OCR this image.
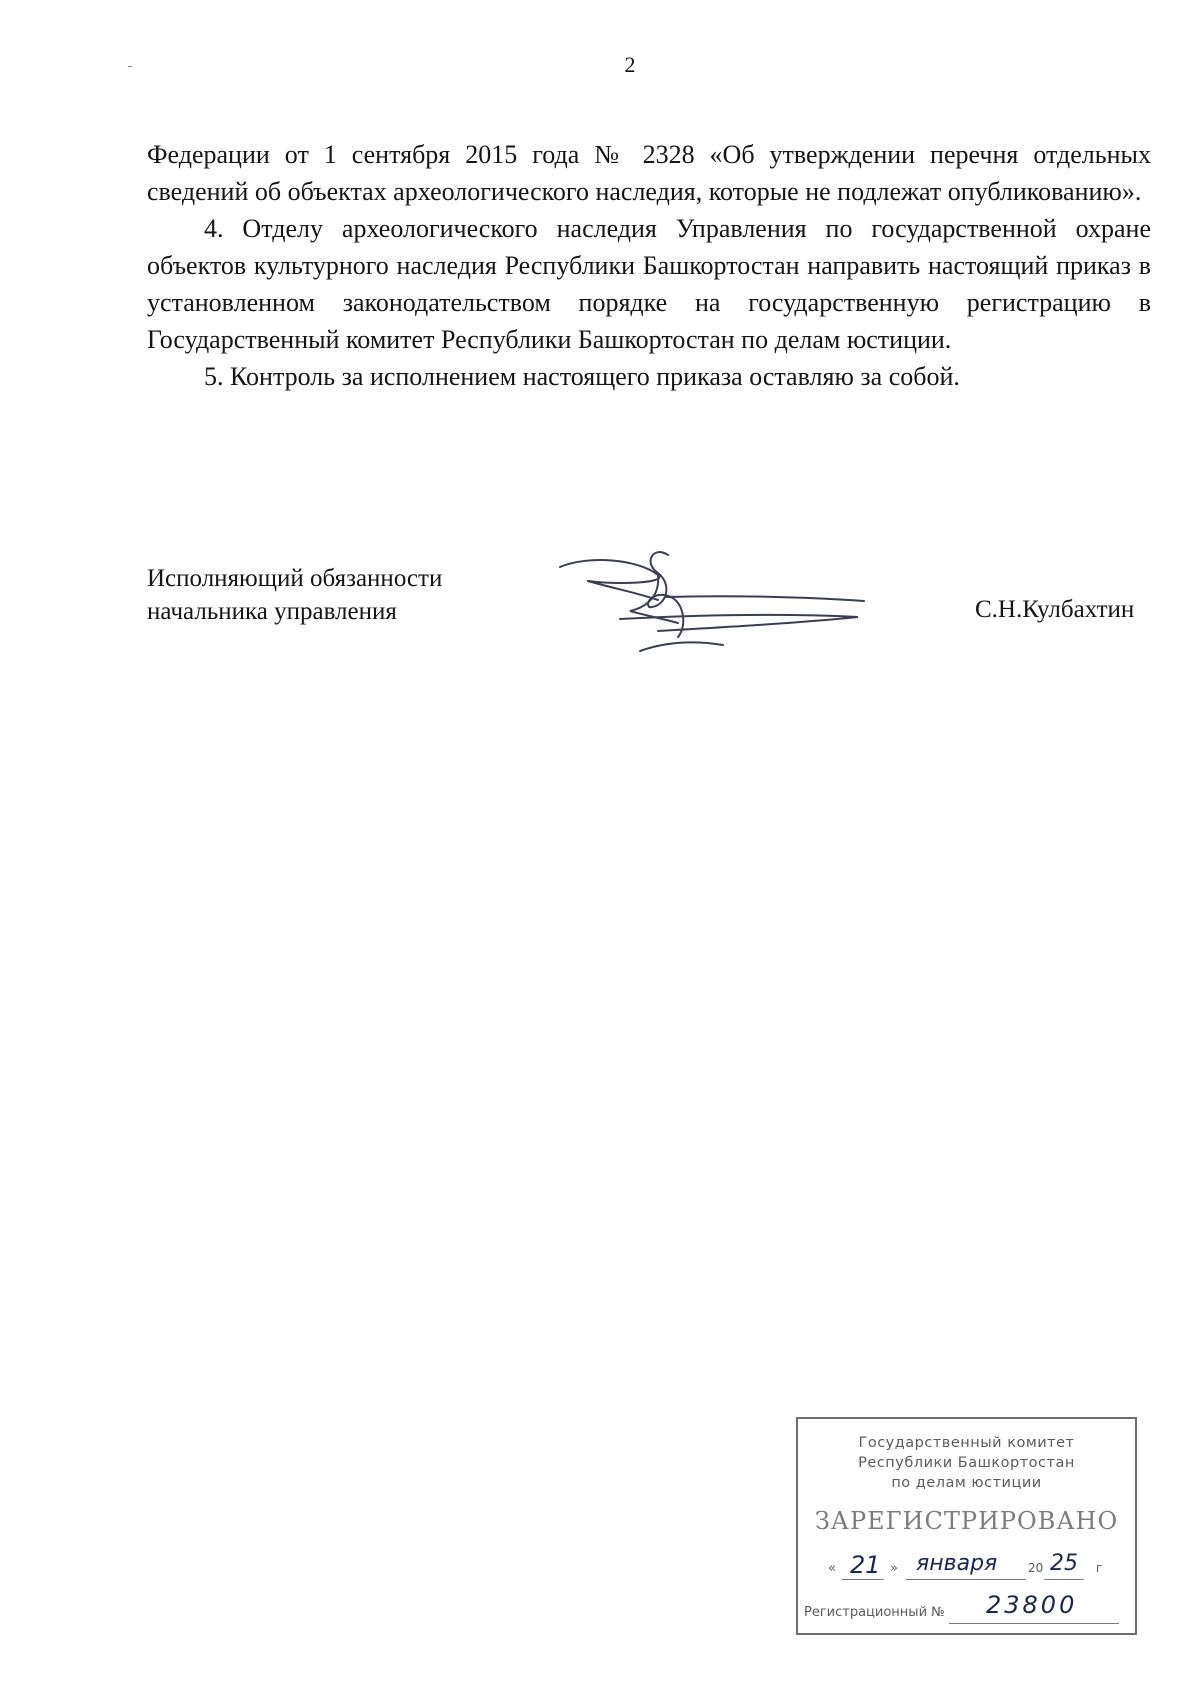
2

Федерации от 1 сентября 2015 года № 2328 «Об утверждении перечня отдельных сведений об объектах археологического наследия, которые не подлежат опубликованию».

4. Отделу археологического наследия Управления по государственной охране объектов культурного наследия Республики Башкортостан направить настоящий приказ в установленном законодательством порядке на государственную регистрацию в Государственный комитет Республики Башкортостан по делам юстиции.

5. Контроль за исполнением настоящего приказа оставляю за собой.

Исполняющий обязанности
начальника управления	С.Н.Кулбахтин
Государственный комитет
Республики Башкортостан
по делам юстиции
ЗАРЕГИСТРИРОВАНО
« 21 » января	20 25 г
Регистрационный № 23800
